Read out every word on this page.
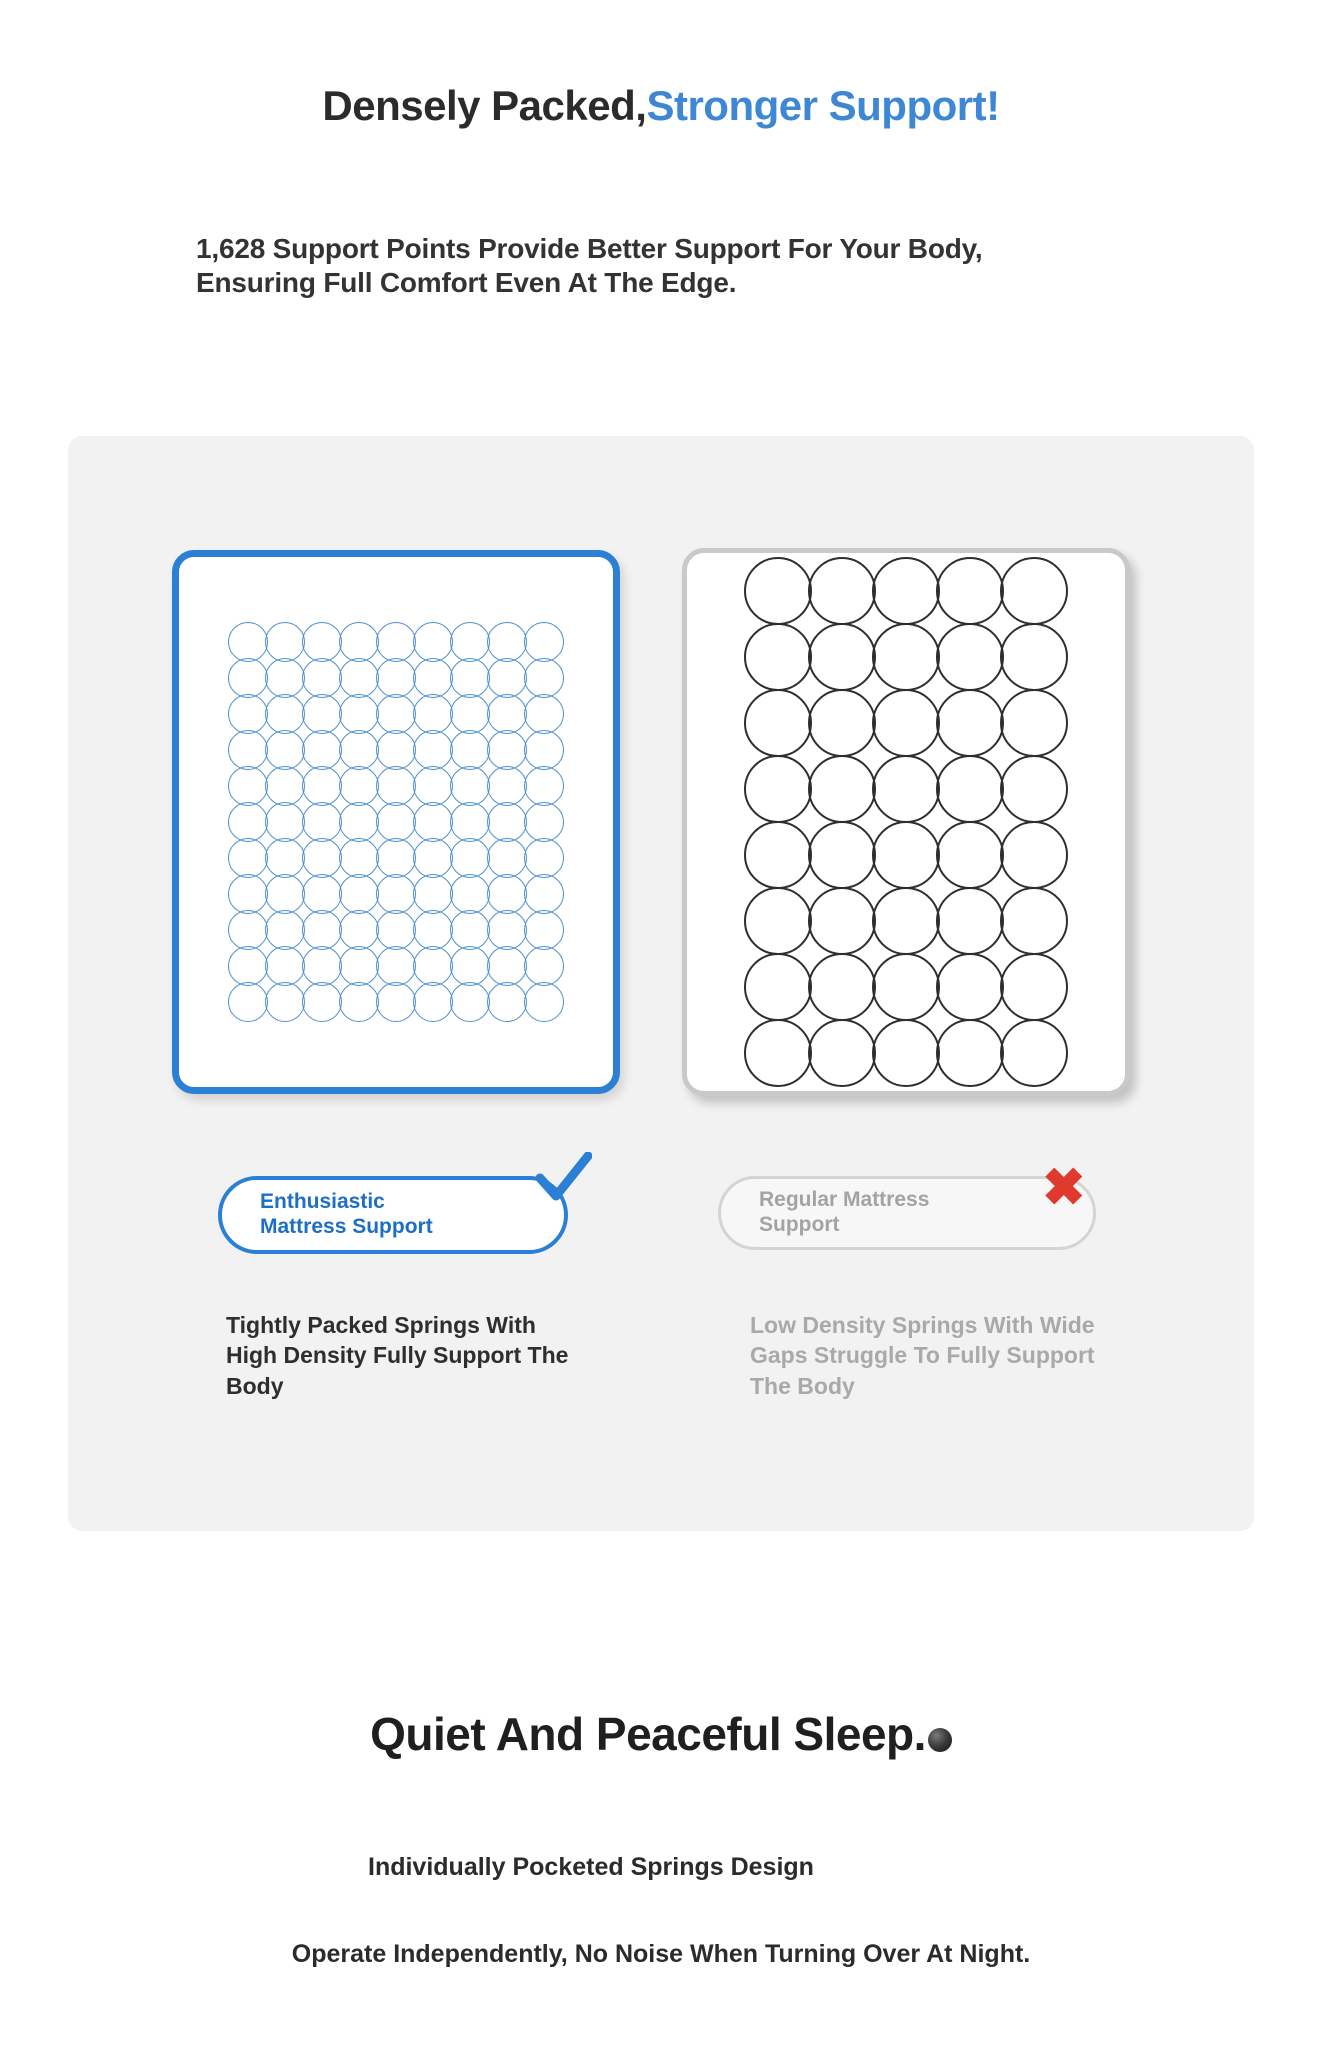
Densely Packed,Stronger Support!
1,628 Support Points Provide Better Support For Your Body, Ensuring Full Comfort Even At The Edge.
Enthusiastic
Mattress Support
Regular Mattress
Support
✖
Tightly Packed Springs With High Density Fully Support The Body
Low Density Springs With Wide Gaps Struggle To Fully Support The Body
Quiet And Peaceful Sleep.
Individually Pocketed Springs Design
Operate Independently, No Noise When Turning Over At Night.
